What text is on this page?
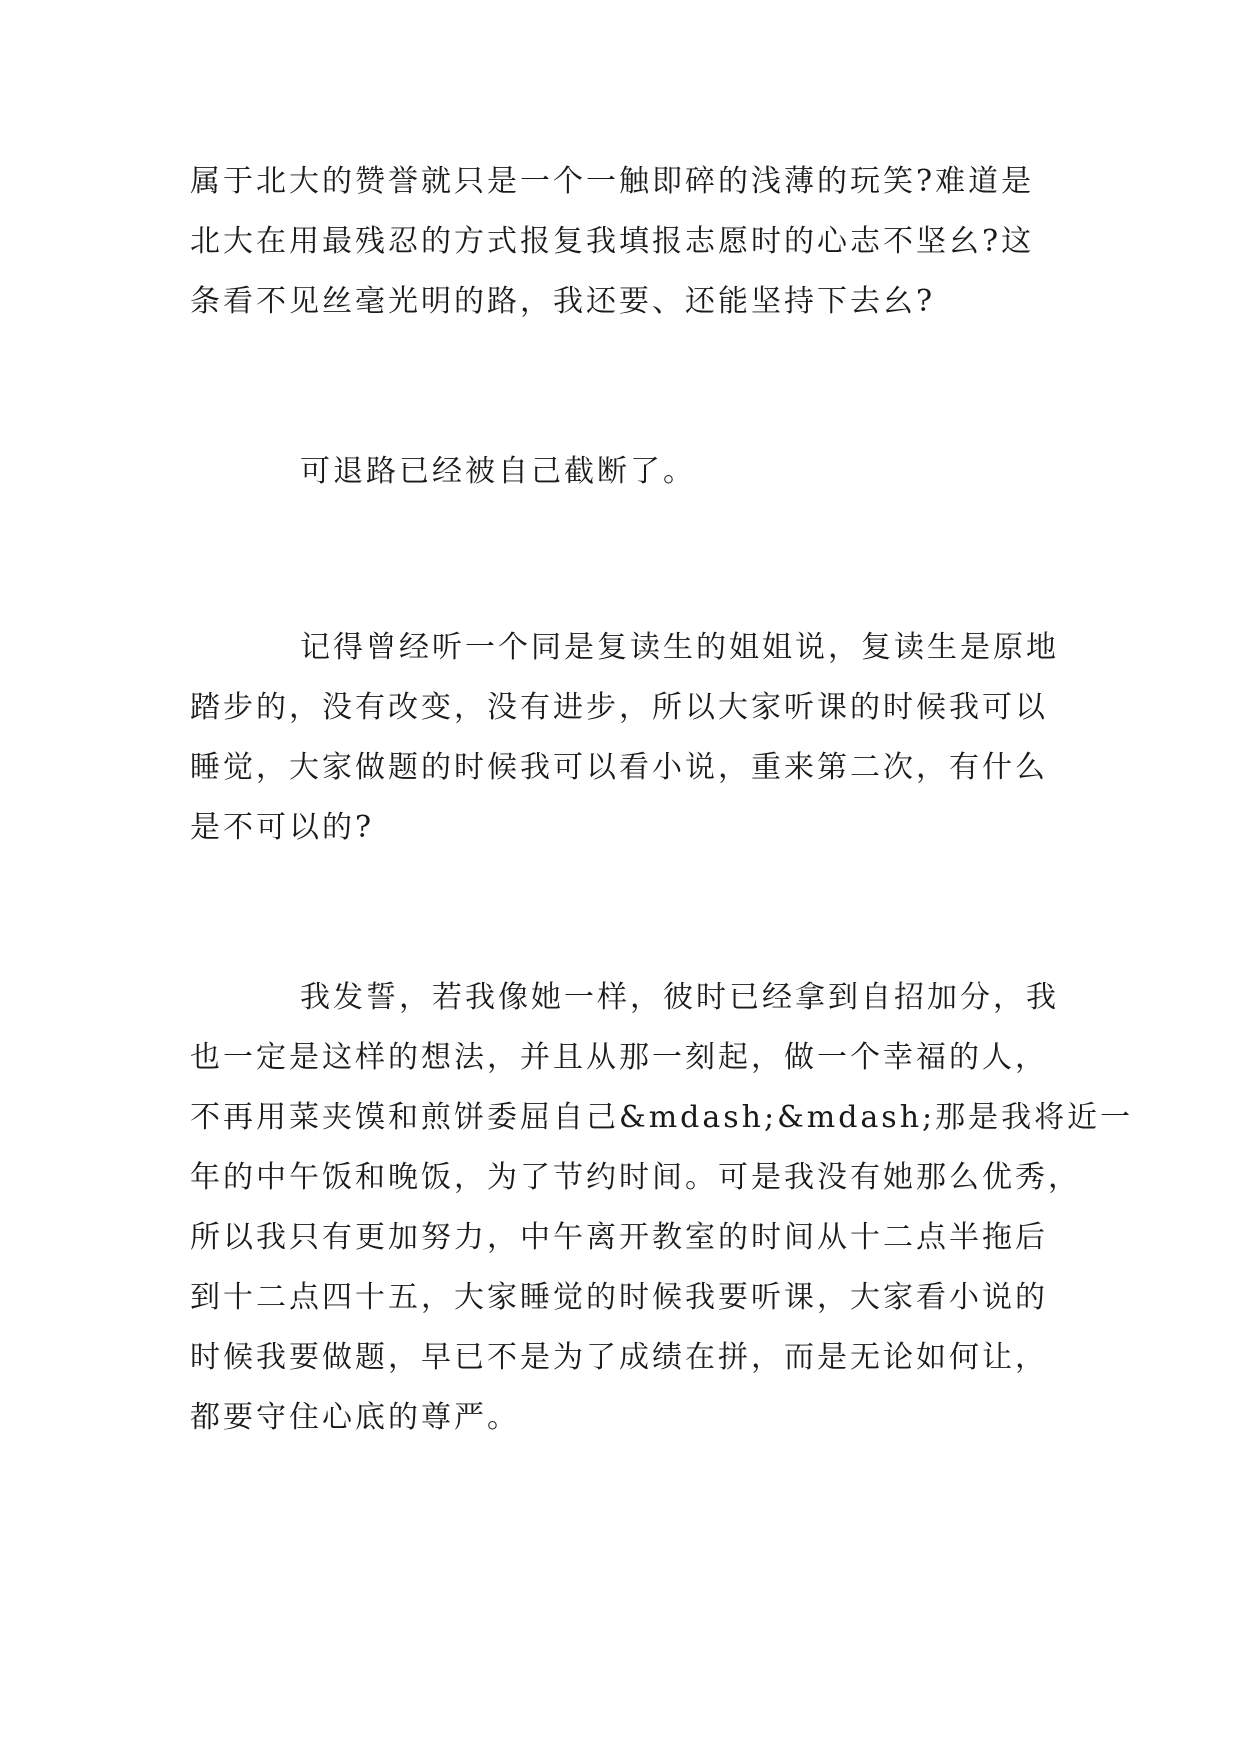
属于北大的赞誉就只是一个一触即碎的浅薄的玩笑?难道是
北大在用最残忍的方式报复我填报志愿时的心志不坚幺?这
条看不见丝毫光明的路，我还要、还能坚持下去幺?
可退路已经被自己截断了。
记得曾经听一个同是复读生的姐姐说，复读生是原地
踏步的，没有改变，没有进步，所以大家听课的时候我可以
睡觉，大家做题的时候我可以看小说，重来第二次，有什么
是不可以的?
我发誓，若我像她一样，彼时已经拿到自招加分，我
也一定是这样的想法，并且从那一刻起，做一个幸福的人，
不再用菜夹馍和煎饼委屈自己&mdash;&mdash;那是我将近一
年的中午饭和晚饭，为了节约时间。可是我没有她那么优秀，
所以我只有更加努力，中午离开教室的时间从十二点半拖后
到十二点四十五，大家睡觉的时候我要听课，大家看小说的
时候我要做题，早已不是为了成绩在拼，而是无论如何让，
都要守住心底的尊严。
